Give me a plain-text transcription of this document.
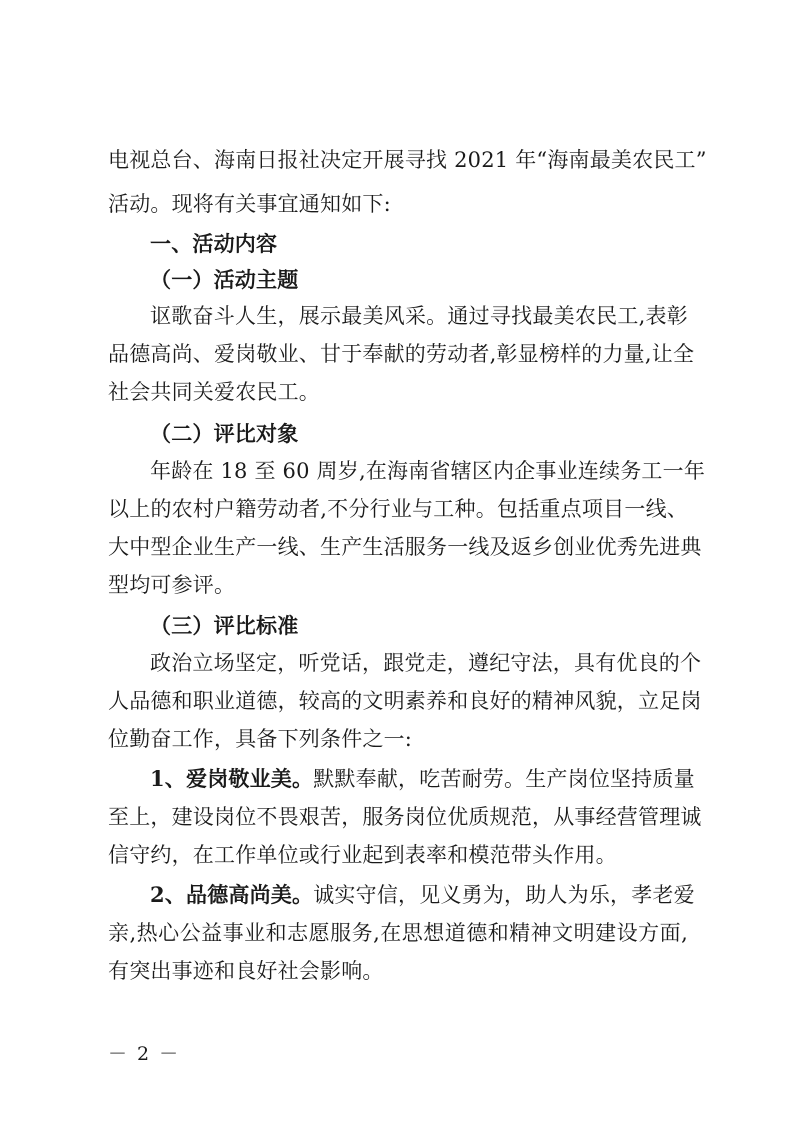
电视总台、海南日报社决定开展寻找 2021 年“海南最美农民工”
活动。现将有关事宜通知如下:
一、活动内容
（一）活动主题
讴歌奋斗人生，展示最美风采。通过寻找最美农民工,表彰
品德高尚、爱岗敬业、甘于奉献的劳动者,彰显榜样的力量,让全
社会共同关爱农民工。
（二）评比对象
年龄在 18 至 60 周岁,在海南省辖区内企事业连续务工一年
以上的农村户籍劳动者,不分行业与工种。包括重点项目一线、
大中型企业生产一线、生产生活服务一线及返乡创业优秀先进典
型均可参评。
（三）评比标准
政治立场坚定，听党话，跟党走，遵纪守法，具有优良的个
人品德和职业道德，较高的文明素养和良好的精神风貌，立足岗
位勤奋工作，具备下列条件之一:
1、爱岗敬业美。默默奉献，吃苦耐劳。生产岗位坚持质量
至上，建设岗位不畏艰苦，服务岗位优质规范，从事经营管理诚
信守约，在工作单位或行业起到表率和模范带头作用。
2、品德高尚美。诚实守信，见义勇为，助人为乐，孝老爱
亲,热心公益事业和志愿服务,在思想道德和精神文明建设方面,
有突出事迹和良好社会影响。
－ 2 －
